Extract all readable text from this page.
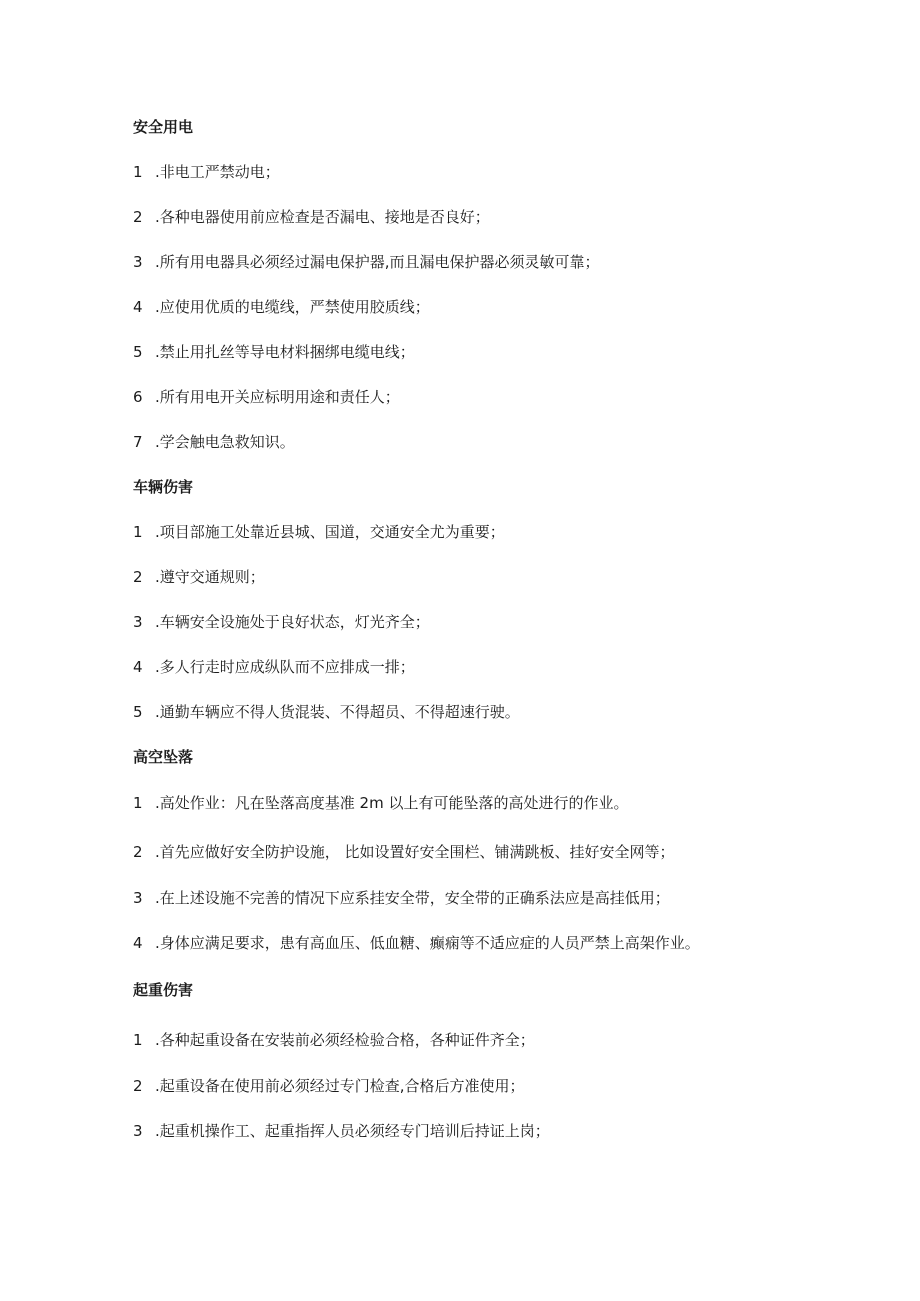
安全用电
1 .非电工严禁动电；
2 .各种电器使用前应检查是否漏电、接地是否良好；
3 .所有用电器具必须经过漏电保护器,而且漏电保护器必须灵敏可靠；
4 .应使用优质的电缆线，严禁使用胶质线；
5 .禁止用扎丝等导电材料捆绑电缆电线；
6 .所有用电开关应标明用途和责任人；
7 .学会触电急救知识。
车辆伤害
1 .项目部施工处靠近县城、国道，交通安全尤为重要；
2 .遵守交通规则；
3 .车辆安全设施处于良好状态，灯光齐全；
4 .多人行走时应成纵队而不应排成一排；
5 .通勤车辆应不得人货混装、不得超员、不得超速行驶。
高空坠落
1 .高处作业：凡在坠落高度基准 2m 以上有可能坠落的高处进行的作业。
2 .首先应做好安全防护设施， 比如设置好安全围栏、铺满跳板、挂好安全网等；
3 .在上述设施不完善的情况下应系挂安全带，安全带的正确系法应是高挂低用；
4 .身体应满足要求，患有高血压、低血糖、癫痫等不适应症的人员严禁上高架作业。
起重伤害
1 .各种起重设备在安装前必须经检验合格，各种证件齐全；
2 .起重设备在使用前必须经过专门检查,合格后方准使用；
3 .起重机操作工、起重指挥人员必须经专门培训后持证上岗；
